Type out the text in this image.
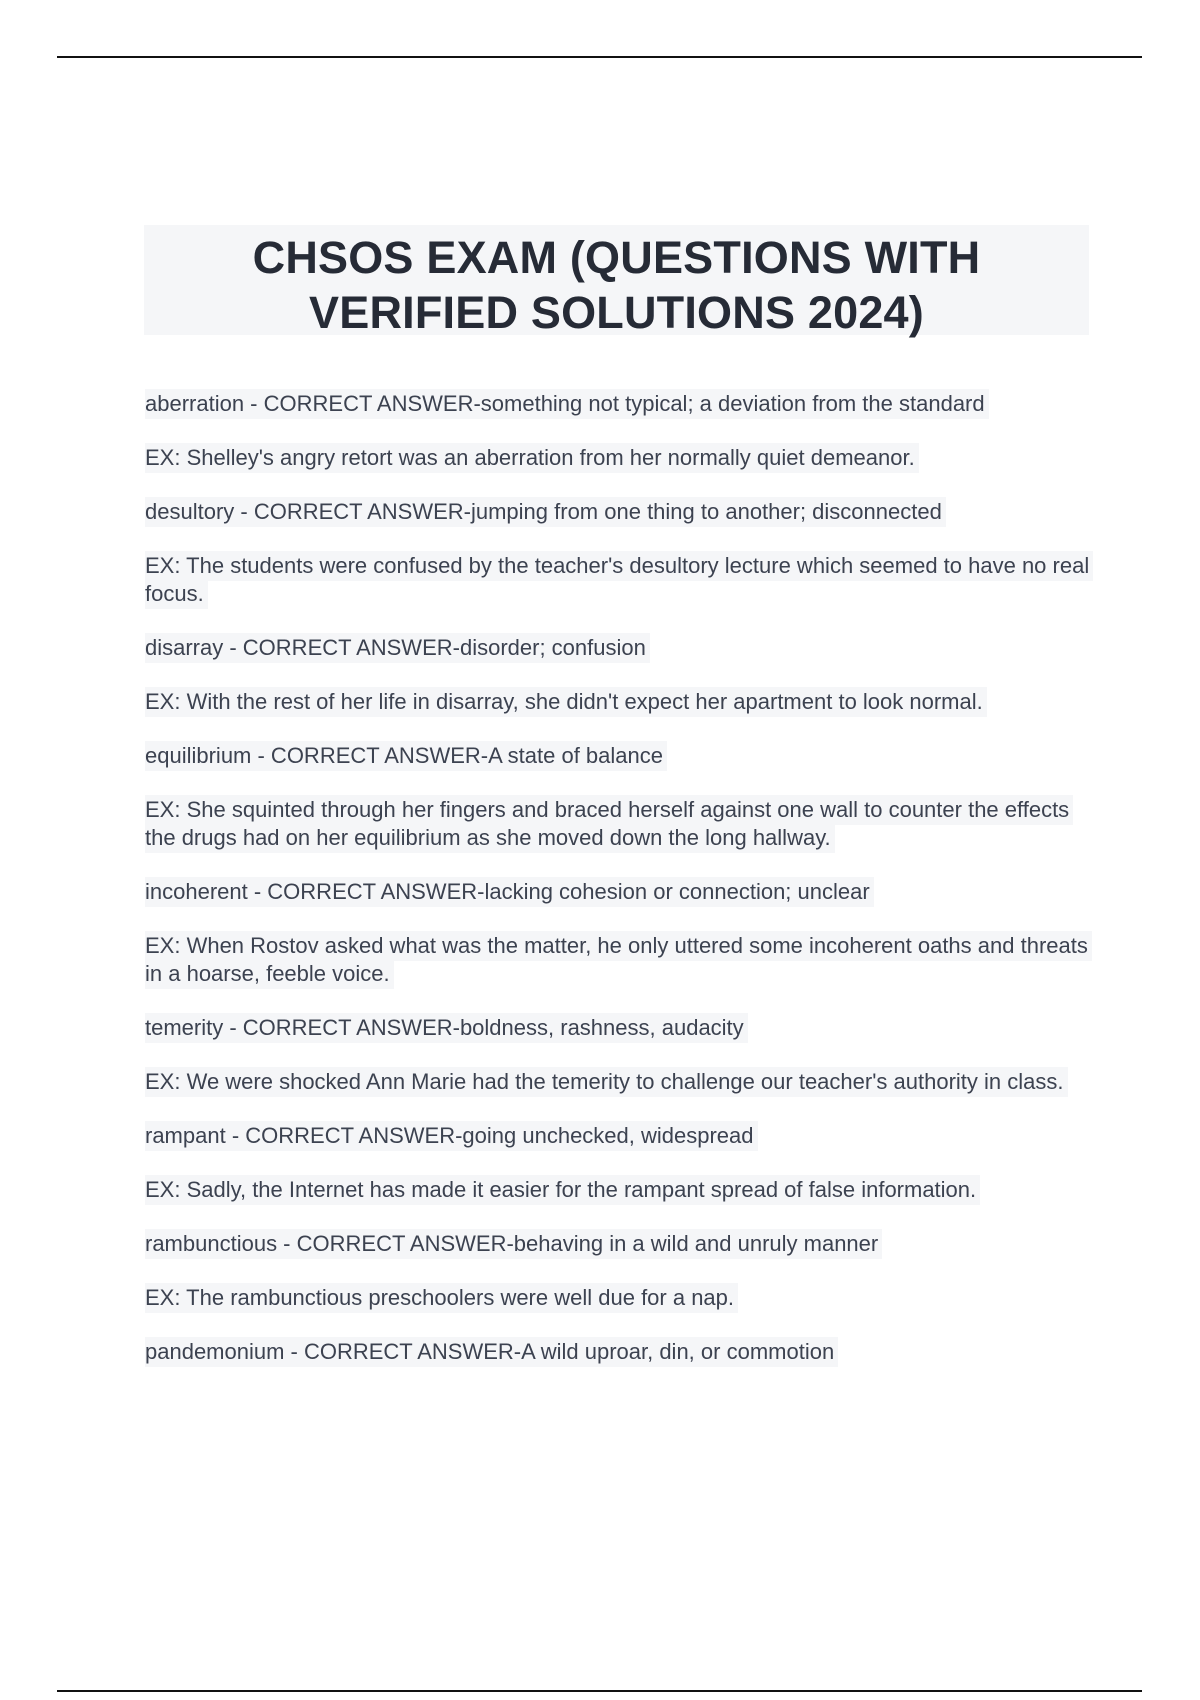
CHSOS EXAM (QUESTIONS WITH
VERIFIED SOLUTIONS 2024)

aberration - CORRECT ANSWER-something not typical; a deviation from the standard

EX: Shelley's angry retort was an aberration from her normally quiet demeanor.

desultory - CORRECT ANSWER-jumping from one thing to another; disconnected

EX: The students were confused by the teacher's desultory lecture which seemed to have no real focus.

disarray - CORRECT ANSWER-disorder; confusion

EX: With the rest of her life in disarray, she didn't expect her apartment to look normal.

equilibrium - CORRECT ANSWER-A state of balance

EX: She squinted through her fingers and braced herself against one wall to counter the effects the drugs had on her equilibrium as she moved down the long hallway.

incoherent - CORRECT ANSWER-lacking cohesion or connection; unclear

EX: When Rostov asked what was the matter, he only uttered some incoherent oaths and threats in a hoarse, feeble voice.

temerity - CORRECT ANSWER-boldness, rashness, audacity

EX: We were shocked Ann Marie had the temerity to challenge our teacher's authority in class.

rampant - CORRECT ANSWER-going unchecked, widespread

EX: Sadly, the Internet has made it easier for the rampant spread of false information.

rambunctious - CORRECT ANSWER-behaving in a wild and unruly manner

EX: The rambunctious preschoolers were well due for a nap.

pandemonium - CORRECT ANSWER-A wild uproar, din, or commotion
